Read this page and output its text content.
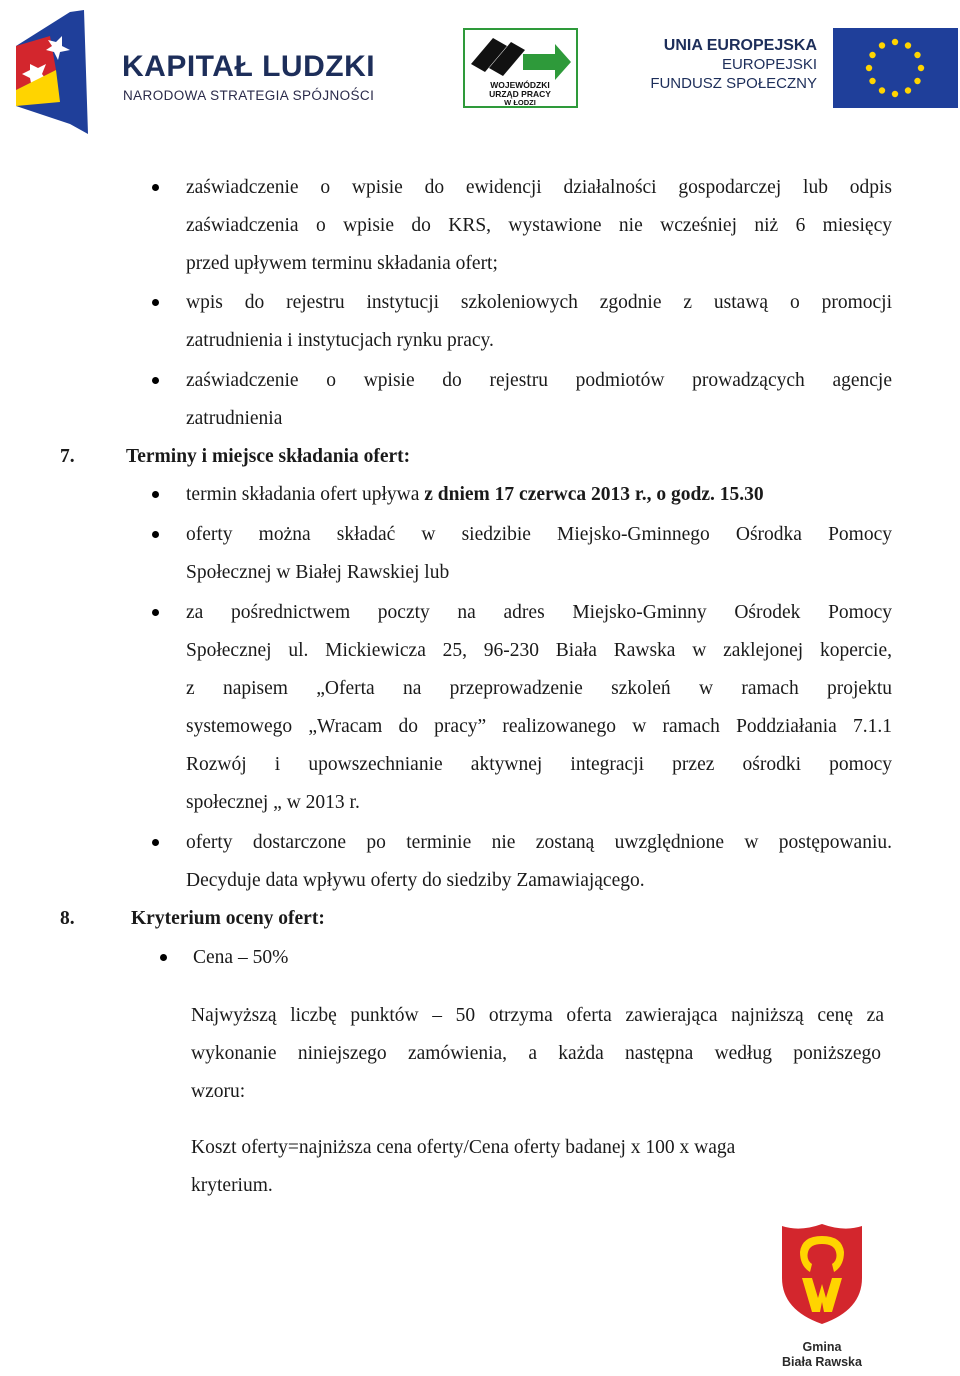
KAPITAŁ LUDZKI
NARODOWA STRATEGIA SPÓJNOŚCI
WOJEWÓDZKI
URZĄD PRACY
W ŁODZI
UNIA EUROPEJSKA
EUROPEJSKI
FUNDUSZ SPOŁECZNY
zaświadczenie o wpisie do ewidencji działalności gospodarczej lub odpis
zaświadczenia o wpisie do KRS, wystawione nie wcześniej niż 6 miesięcy
przed upływem terminu składania ofert;
wpis do rejestru instytucji szkoleniowych zgodnie z ustawą o promocji
zatrudnienia i instytucjach rynku pracy.
zaświadczenie o wpisie do rejestru podmiotów prowadzących agencje
zatrudnienia
7.	Terminy i miejsce składania ofert:
termin składania ofert upływa z dniem 17 czerwca 2013 r., o godz. 15.30
oferty można składać w siedzibie Miejsko-Gminnego Ośrodka Pomocy
Społecznej w Białej Rawskiej lub
za pośrednictwem poczty na adres Miejsko-Gminny Ośrodek Pomocy
Społecznej ul. Mickiewicza 25, 96-230 Biała Rawska w zaklejonej kopercie,
z napisem „Oferta na przeprowadzenie szkoleń w ramach projektu
systemowego „Wracam do pracy” realizowanego w ramach Poddziałania 7.1.1
Rozwój i upowszechnianie aktywnej integracji przez ośrodki pomocy
społecznej „ w 2013 r.
oferty dostarczone po terminie nie zostaną uwzględnione w postępowaniu.
Decyduje data wpływu oferty do siedziby Zamawiającego.
8.	Kryterium oceny ofert:
Cena – 50%
Najwyższą liczbę punktów – 50 otrzyma oferta zawierająca najniższą cenę za
wykonanie niniejszego zamówienia, a każda następna według poniższego
wzoru:
Koszt oferty=najniższa cena oferty/Cena oferty badanej x 100 x waga
kryterium.
Gmina
Biała Rawska
